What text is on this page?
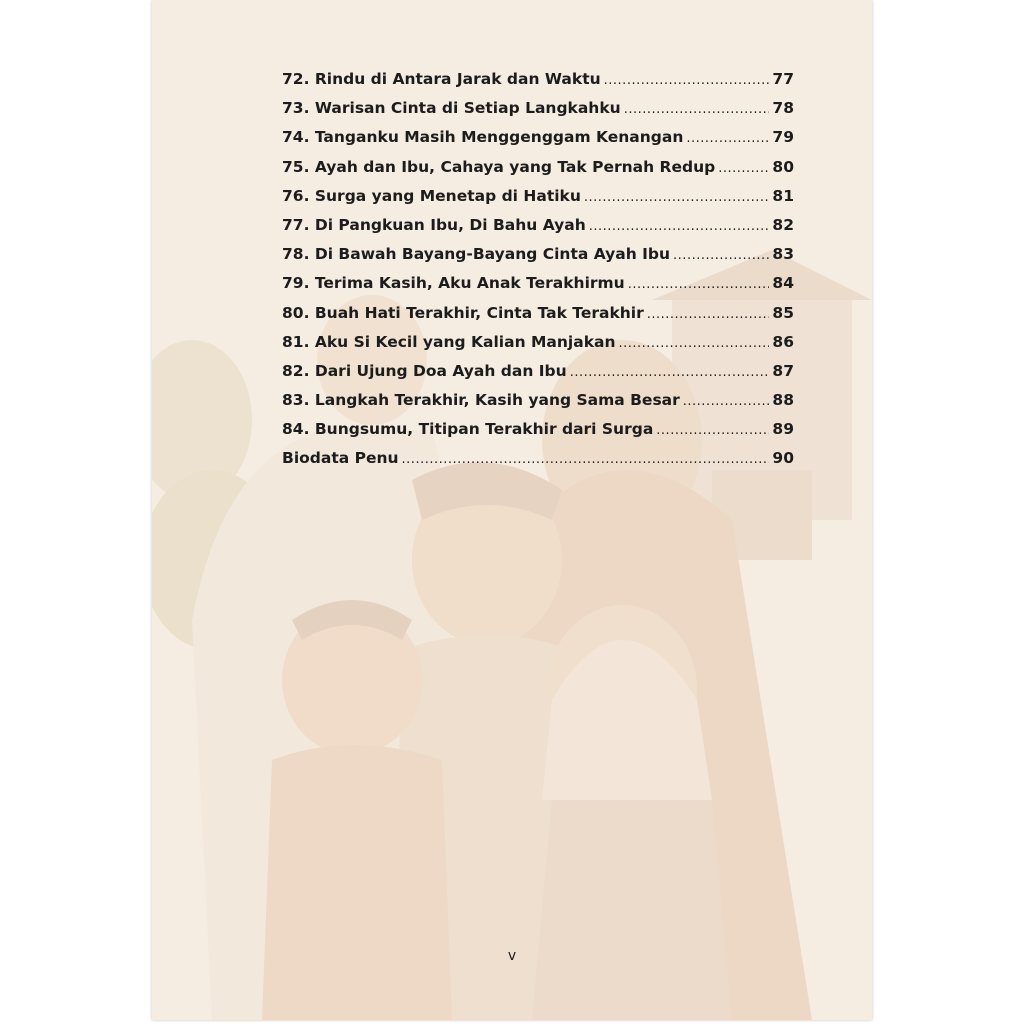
72. Rindu di Antara Jarak dan Waktu .....	77
73. Warisan Cinta di Setiap Langkahku .....	78
74. Tanganku Masih Menggenggam Kenangan .....	79
75. Ayah dan Ibu, Cahaya yang Tak Pernah Redup .....	80
76. Surga yang Menetap di Hatiku .....	81
77. Di Pangkuan Ibu, Di Bahu Ayah .....	82
78. Di Bawah Bayang-Bayang Cinta Ayah Ibu .....	83
79. Terima Kasih, Aku Anak Terakhirmu .....	84
80. Buah Hati Terakhir, Cinta Tak Terakhir .....	85
81. Aku Si Kecil yang Kalian Manjakan .....	86
82. Dari Ujung Doa Ayah dan Ibu .....	87
83. Langkah Terakhir, Kasih yang Sama Besar .....	88
84. Bungsumu, Titipan Terakhir dari Surga .....	89
Biodata Penu .....	90
v
